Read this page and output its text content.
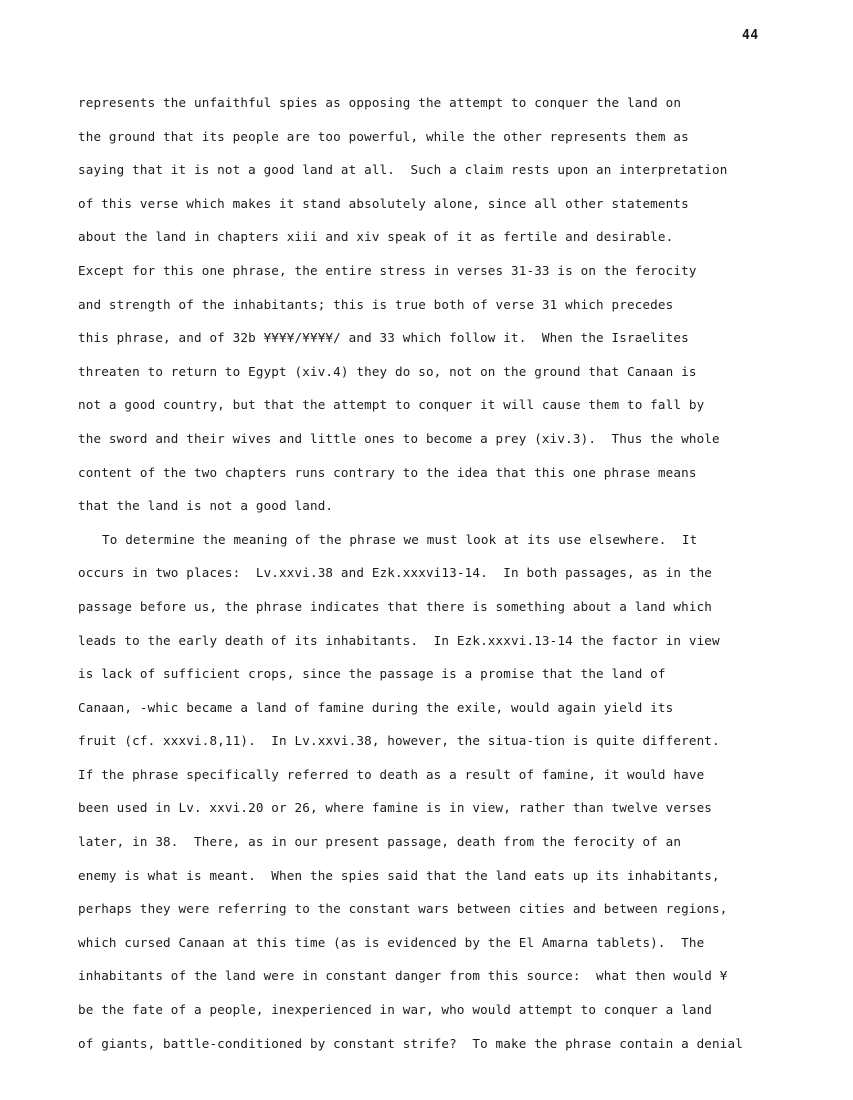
44
represents the unfaithful spies as opposing the attempt to conquer the land on
the ground that its people are too powerful, while the other represents them as
saying that it is not a good land at all.  Such a claim rests upon an interpretation
of this verse which makes it stand absolutely alone, since all other statements
about the land in chapters xiii and xiv speak of it as fertile and desirable.
Except for this one phrase, the entire stress in verses 31-33 is on the ferocity
and strength of the inhabitants; this is true both of verse 31 which precedes
this phrase, and of 32b ¥¥¥¥/¥¥¥¥/ and 33 which follow it.  When the Israelites
threaten to return to Egypt (xiv.4) they do so, not on the ground that Canaan is
not a good country, but that the attempt to conquer it will cause them to fall by
the sword and their wives and little ones to become a prey (xiv.3).  Thus the whole
content of the two chapters runs contrary to the idea that this one phrase means
that the land is not a good land.
To determine the meaning of the phrase we must look at its use elsewhere.  It
occurs in two places:  Lv.xxvi.38 and Ezk.xxxvi13-14.  In both passages, as in the
passage before us, the phrase indicates that there is something about a land which
leads to the early death of its inhabitants.  In Ezk.xxxvi.13-14 the factor in view
is lack of sufficient crops, since the passage is a promise that the land of
Canaan, -whic became a land of famine during the exile, would again yield its
fruit (cf. xxxvi.8,11).  In Lv.xxvi.38, however, the situa-tion is quite different.
If the phrase specifically referred to death as a result of famine, it would have
been used in Lv. xxvi.20 or 26, where famine is in view, rather than twelve verses
later, in 38.  There, as in our present passage, death from the ferocity of an
enemy is what is meant.  When the spies said that the land eats up its inhabitants,
perhaps they were referring to the constant wars between cities and between regions,
which cursed Canaan at this time (as is evidenced by the El Amarna tablets).  The
inhabitants of the land were in constant danger from this source:  what then would ¥
be the fate of a people, inexperienced in war, who would attempt to conquer a land
of giants, battle-conditioned by constant strife?  To make the phrase contain a denial
